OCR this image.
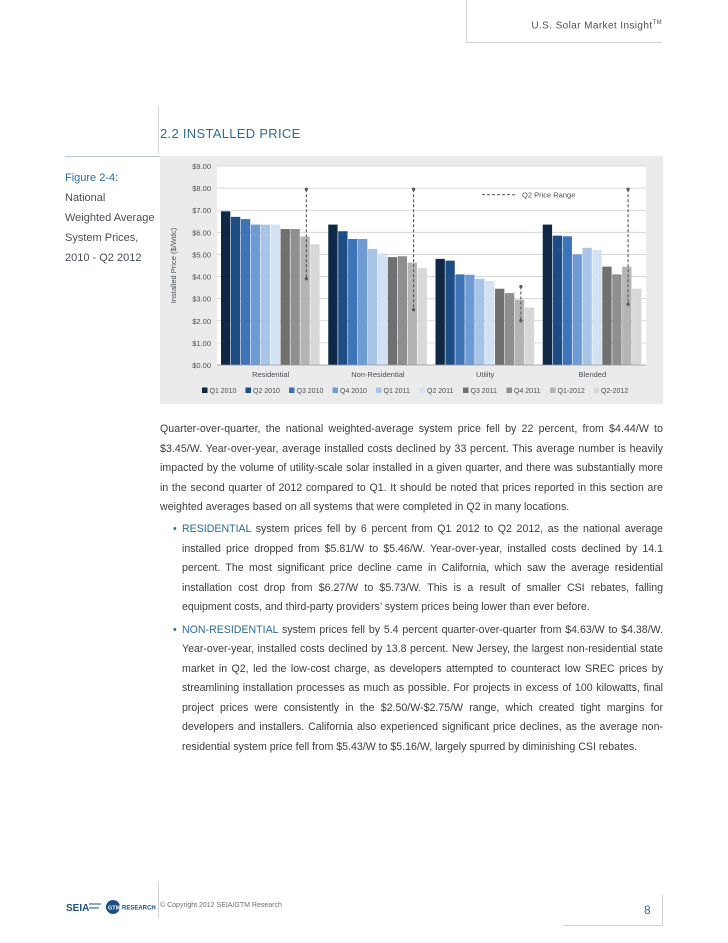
U.S. Solar Market Insight™
2.2 INSTALLED PRICE
Figure 2-4:
National
Weighted Average
System Prices,
2010 - Q2 2012
$0.00
$1.00
$2.00
$3.00
$4.00
$5.00
$6.00
$7.00
$8.00
$9.00
Installed Price ($/Wdc)
Residential	Non-Residential	Utility	Blended
Q2 Price Range
Q1 2010 Q2 2010 Q3 2010 Q4 2010 Q1 2011 Q2 2011 Q3 2011 Q4 2011 Q1-2012 Q2-2012
Quarter-over-quarter, the national weighted-average system price fell by 22 percent, from $4.44/W to $3.45/W. Year-over-year, average installed costs declined by 33 percent. This average number is heavily impacted by the volume of utility-scale solar installed in a given quarter, and there was substantially more in the second quarter of 2012 compared to Q1. It should be noted that prices reported in this section are weighted averages based on all systems that were completed in Q2 in many locations.
• RESIDENTIAL system prices fell by 6 percent from Q1 2012 to Q2 2012, as the national average installed price dropped from $5.81/W to $5.46/W. Year-over-year, installed costs declined by 14.1 percent. The most significant price decline came in California, which saw the average residential installation cost drop from $6.27/W to $5.73/W. This is a result of smaller CSI rebates, falling equipment costs, and third-party providers’ system prices being lower than ever before.
• NON-RESIDENTIAL system prices fell by 5.4 percent quarter-over-quarter from $4.63/W to $4.38/W. Year-over-year, installed costs declined by 13.8 percent. New Jersey, the largest non-residential state market in Q2, led the low-cost charge, as developers attempted to counteract low SREC prices by streamlining installation processes as much as possible. For projects in excess of 100 kilowatts, final project prices were consistently in the $2.50/W-$2.75/W range, which created tight margins for developers and installers. California also experienced significant price declines, as the average non-residential system price fell from $5.43/W to $5.16/W, largely spurred by diminishing CSI rebates.
SEIA	GTM RESEARCH © Copyright 2012 SEIA/GTM Research	8
